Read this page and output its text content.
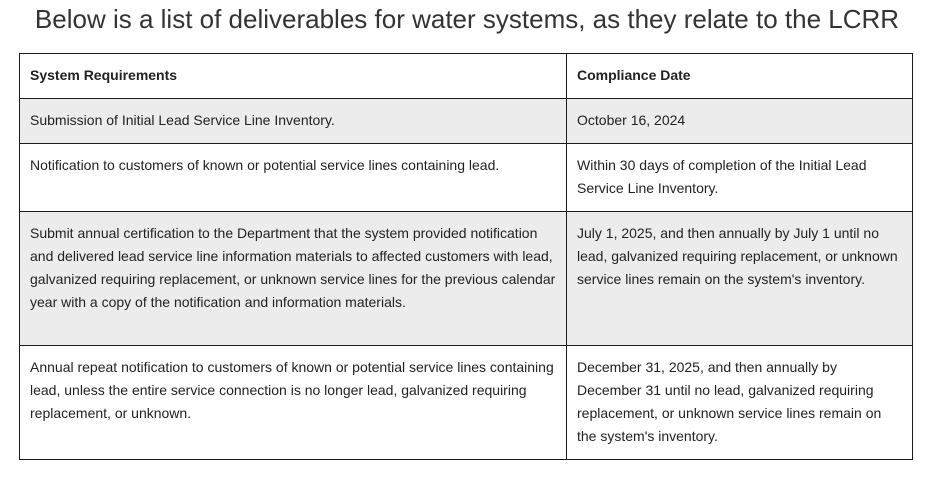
Below is a list of deliverables for water systems, as they relate to the LCRR
System Requirements	Compliance Date
Submission of Initial Lead Service Line Inventory.	October 16, 2024
Notification to customers of known or potential service lines containing lead.	Within 30 days of completion of the Initial Lead Service Line Inventory.
Submit annual certification to the Department that the system provided notification and delivered lead service line information materials to affected customers with lead, galvanized requiring replacement, or unknown service lines for the previous calendar year with a copy of the notification and information materials.	July 1, 2025, and then annually by July 1 until no lead, galvanized requiring replacement, or unknown service lines remain on the system's inventory.
Annual repeat notification to customers of known or potential service lines containing lead, unless the entire service connection is no longer lead, galvanized requiring replacement, or unknown.	December 31, 2025, and then annually by December 31 until no lead, galvanized requiring replacement, or unknown service lines remain on the system's inventory.
